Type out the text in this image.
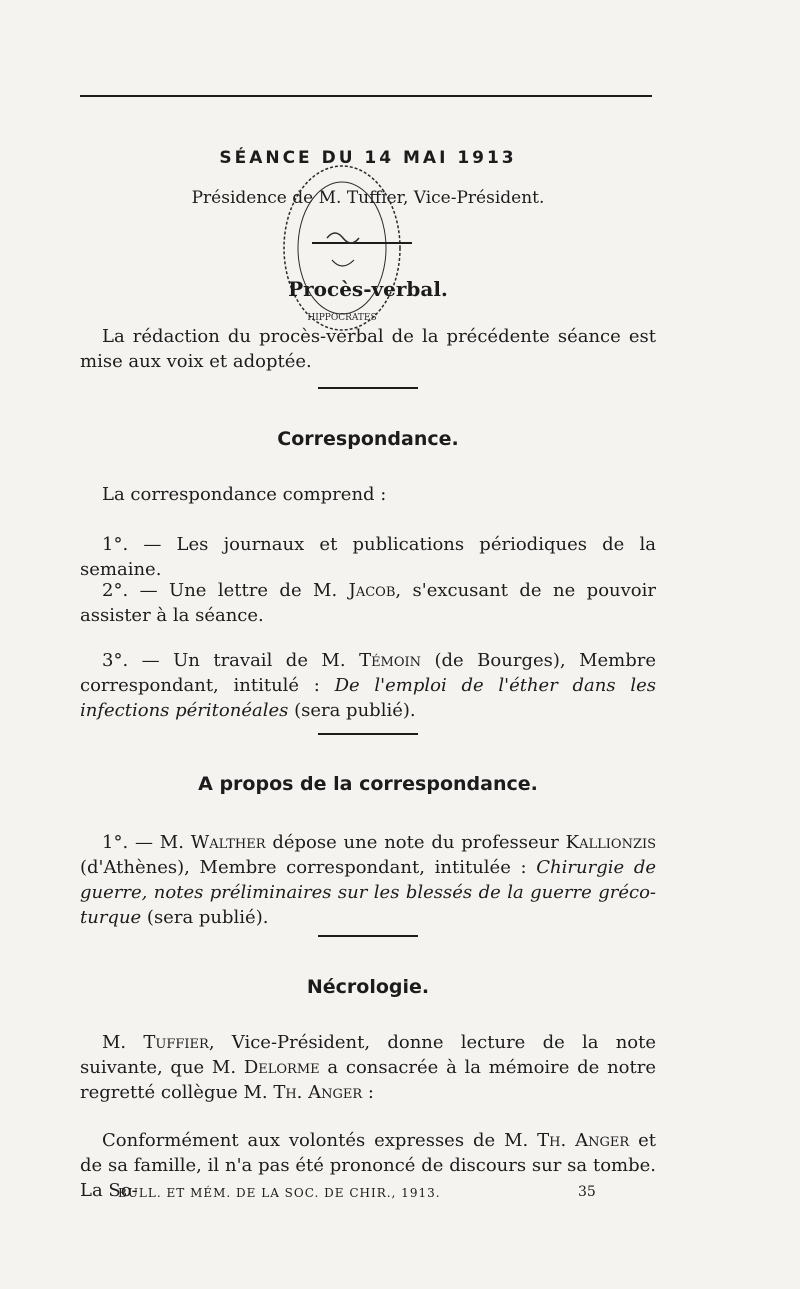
SÉANCE DU 14 MAI 1913
Présidence de M. Tuffier, Vice-Président.
HIPPOCRATES
Procès-verbal.
La rédaction du procès-verbal de la précédente séance est mise aux voix et adoptée.
Correspondance.
La correspondance comprend :
1°. — Les journaux et publications périodiques de la semaine.
2°. — Une lettre de M. Jacob, s'excusant de ne pouvoir assister à la séance.
3°. — Un travail de M. Témoin (de Bourges), Membre correspondant, intitulé : De l'emploi de l'éther dans les infections péritonéales (sera publié).
A propos de la correspondance.
1°. — M. Walther dépose une note du professeur Kallionzis (d'Athènes), Membre correspondant, intitulée : Chirurgie de guerre, notes préliminaires sur les blessés de la guerre gréco-turque (sera publié).
Nécrologie.
M. Tuffier, Vice-Président, donne lecture de la note suivante, que M. Delorme a consacrée à la mémoire de notre regretté collègue M. Th. Anger :
Conformément aux volontés expresses de M. Th. Anger et de sa famille, il n'a pas été prononcé de discours sur sa tombe. La So-
BULL. ET MÉM. DE LA SOC. DE CHIR., 1913.	35
